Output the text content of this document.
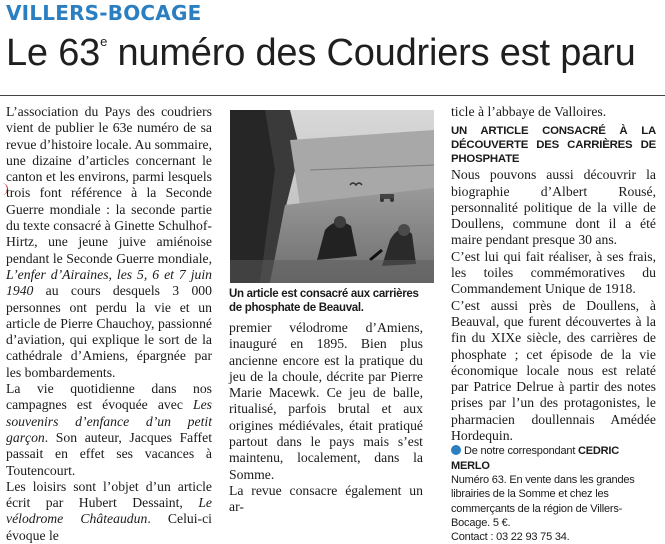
VILLERS-BOCAGE
Le 63e numéro des Coudriers est paru

L’association du Pays des coudriers vient de publier le 63e numéro de sa revue d’histoire locale. Au sommaire, une dizaine d’articles concernant le canton et les environs, parmi lesquels trois font référence à la Seconde Guerre mondiale : la seconde partie du texte consacré à Ginette Schulhof-Hirtz, une jeune juive amiénoise pendant le Seconde Guerre mondiale, L’enfer d’Airaines, les 5, 6 et 7 juin 1940 au cours desquels 3 000 personnes ont perdu la vie et un article de Pierre Chauchoy, passionné d’aviation, qui explique le sort de la cathédrale d’Amiens, épargnée par les bombardements.

La vie quotidienne dans nos campagnes est évoquée avec Les souvenirs d’enfance d’un petit garçon. Son auteur, Jacques Faffet passait en effet ses vacances à Toutencourt.

Les loisirs sont l’objet d’un article écrit par Hubert Dessaint, Le vélodrome Châteaudun. Celui-ci évoque le

Un article est consacré aux carrières de phosphate de Beauval.

premier vélodrome d’Amiens, inauguré en 1895. Bien plus ancienne encore est la pratique du jeu de la choule, décrite par Pierre Marie Macewk. Ce jeu de balle, ritualisé, parfois brutal et aux origines médiévales, était pratiqué partout dans le pays mais s’est maintenu, localement, dans la Somme.

La revue consacre également un ar-

ticle à l’abbaye de Valloires.

UN ARTICLE CONSACRÉ À LA DÉCOUVERTE DES CARRIÈRES DE PHOSPHATE

Nous pouvons aussi découvrir la biographie d’Albert Rousé, personnalité politique de la ville de Doullens, commune dont il a été maire pendant presque 30 ans.

C’est lui qui fait réaliser, à ses frais, les toiles commémoratives du Commandement Unique de 1918.

C’est aussi près de Doullens, à Beauval, que furent découvertes à la fin du XIXe siècle, des carrières de phosphate ; cet épisode de la vie économique locale nous est relaté par Patrice Delrue à partir des notes prises par l’un des protagonistes, le pharmacien doullennais Amédée Hordequin.

De notre correspondant CEDRIC MERLO

Numéro 63. En vente dans les grandes librairies de la Somme et chez les commerçants de la région de Villers-Bocage. 5 €.

Contact : 03 22 93 75 34.
